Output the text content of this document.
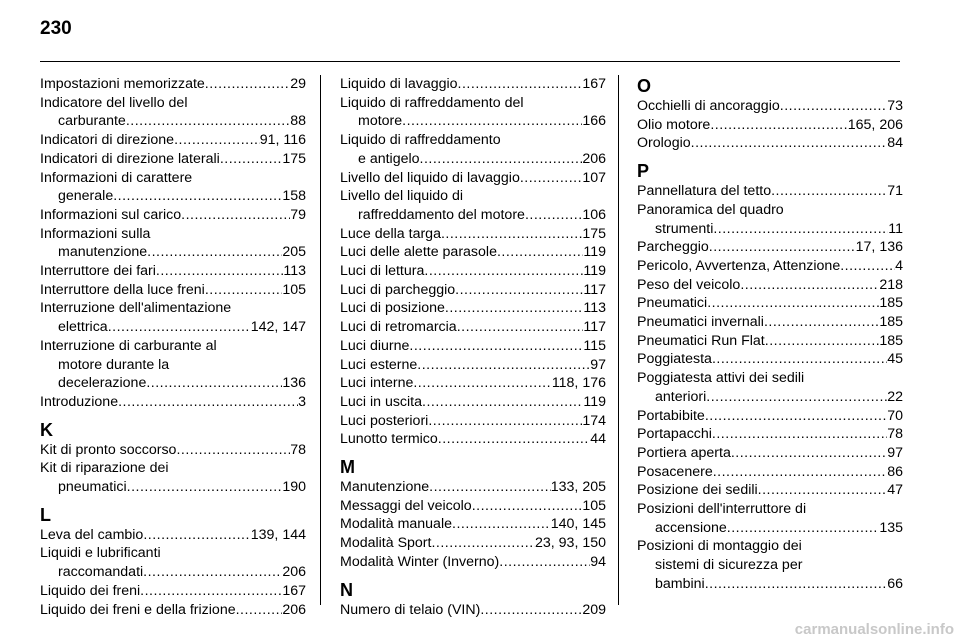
230
Impostazioni memorizzate .....	29
Indicatore del livello del
carburante .....	88
Indicatori di direzione .....	91, 116
Indicatori di direzione laterali .....	175
Informazioni di carattere
generale .....	158
Informazioni sul carico .....	79
Informazioni sulla
manutenzione .....	205
Interruttore dei fari .....	113
Interruttore della luce freni .....	105
Interruzione dell'alimentazione
elettrica .....	142, 147
Interruzione di carburante al
motore durante la
decelerazione .....	136
Introduzione .....	3
K
Kit di pronto soccorso .....	78
Kit di riparazione dei
pneumatici .....	190
L
Leva del cambio .....	139, 144
Liquidi e lubrificanti
raccomandati .....	206
Liquido dei freni .....	167
Liquido dei freni e della frizione .....	206
Liquido di lavaggio .....	167
Liquido di raffreddamento del
motore .....	166
Liquido di raffreddamento
e antigelo .....	206
Livello del liquido di lavaggio .....	107
Livello del liquido di
raffreddamento del motore .....	106
Luce della targa .....	175
Luci delle alette parasole .....	119
Luci di lettura .....	119
Luci di parcheggio .....	117
Luci di posizione .....	113
Luci di retromarcia .....	117
Luci diurne .....	115
Luci esterne .....	97
Luci interne .....	118, 176
Luci in uscita .....	119
Luci posteriori .....	174
Lunotto termico .....	44
M
Manutenzione .....	133, 205
Messaggi del veicolo .....	105
Modalità manuale .....	140, 145
Modalità Sport .....	23, 93, 150
Modalità Winter (Inverno) .....	94
N
Numero di telaio (VIN) .....	209
O
Occhielli di ancoraggio .....	73
Olio motore .....	165, 206
Orologio .....	84
P
Pannellatura del tetto .....	71
Panoramica del quadro
strumenti .....	11
Parcheggio .....	17, 136
Pericolo, Avvertenza, Attenzione .....	4
Peso del veicolo .....	218
Pneumatici .....	185
Pneumatici invernali .....	185
Pneumatici Run Flat .....	185
Poggiatesta .....	45
Poggiatesta attivi dei sedili
anteriori .....	22
Portabibite .....	70
Portapacchi .....	78
Portiera aperta .....	97
Posacenere .....	86
Posizione dei sedili .....	47
Posizioni dell'interruttore di
accensione .....	135
Posizioni di montaggio dei
sistemi di sicurezza per
bambini .....	66
carmanualsonline.info
